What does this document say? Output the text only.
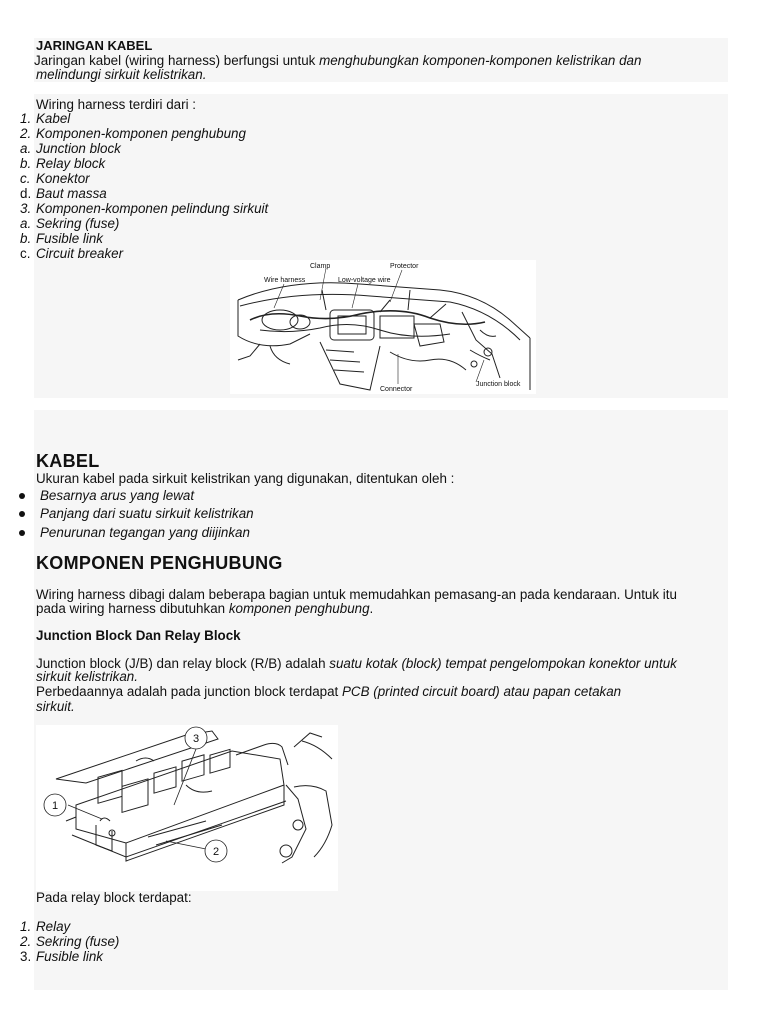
JARINGAN KABEL
Jaringan kabel (wiring harness) berfungsi untuk menghubungkan komponen-komponen kelistrikan dan
melindungi sirkuit kelistrikan.
Wiring harness terdiri dari :
1. Kabel
2. Komponen-komponen penghubung
a. Junction block
b. Relay block
c. Konektor
d. Baut massa
3. Komponen-komponen pelindung sirkuit
a. Sekring (fuse)
b. Fusible link
c. Circuit breaker
Clamp	Protector
Wire harness	Low-voltage wire
Connector
Junction block
KABEL
Ukuran kabel pada sirkuit kelistrikan yang digunakan, ditentukan oleh :
Besarnya arus yang lewat
Panjang dari suatu sirkuit kelistrikan
Penurunan tegangan yang diijinkan
KOMPONEN PENGHUBUNG
Wiring harness dibagi dalam beberapa bagian untuk memudahkan pemasang-an pada kendaraan. Untuk itu
pada wiring harness dibutuhkan komponen penghubung.
Junction Block Dan Relay Block
Junction block (J/B) dan relay block (R/B) adalah suatu kotak (block) tempat pengelompokan konektor untuk
sirkuit kelistrikan.
Perbedaannya adalah pada junction block terdapat PCB (printed circuit board) atau papan cetakan
sirkuit.
3
1
2
Pada relay block terdapat:
1. Relay
2. Sekring (fuse)
3. Fusible link
